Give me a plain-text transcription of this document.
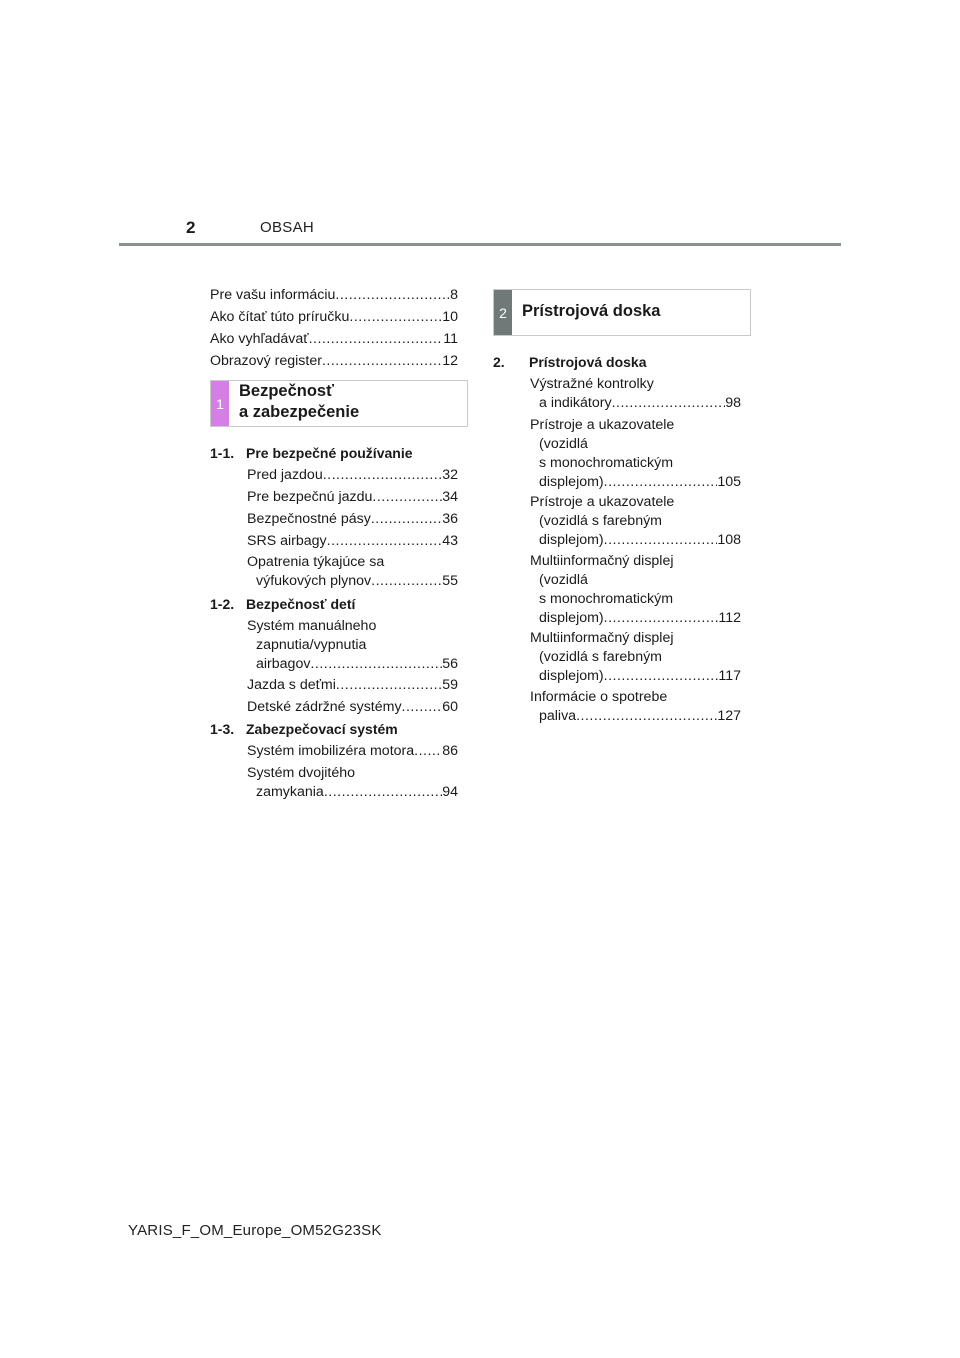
2	OBSAH
Pre vašu informáciu .....	8
Ako čítať túto príručku .....	10
Ako vyhľadávať .....	11
Obrazový register .....	12
1
Bezpečnosť
a zabezpečenie
1-1. Pre bezpečné používanie
Pred jazdou .....	32
Pre bezpečnú jazdu .....	34
Bezpečnostné pásy .....	36
SRS airbagy .....	43
Opatrenia týkajúce sa
výfukových plynov .....	55
1-2. Bezpečnosť detí
Systém manuálneho
zapnutia/vypnutia
airbagov .....	56
Jazda s deťmi .....	59
Detské zádržné systémy .....	60
1-3. Zabezpečovací systém
Systém imobilizéra motora ..... 86
Systém dvojitého
zamykania .....	94
2 Prístrojová doska
2. Prístrojová doska
Výstražné kontrolky
a indikátory .....	98
Prístroje a ukazovatele
(vozidlá
s monochromatickým
displejom) .....	105
Prístroje a ukazovatele
(vozidlá s farebným
displejom) .....	108
Multiinformačný displej
(vozidlá
s monochromatickým
displejom) .....	112
Multiinformačný displej
(vozidlá s farebným
displejom) .....	117
Informácie o spotrebe
paliva .....	127
YARIS_F_OM_Europe_OM52G23SK
